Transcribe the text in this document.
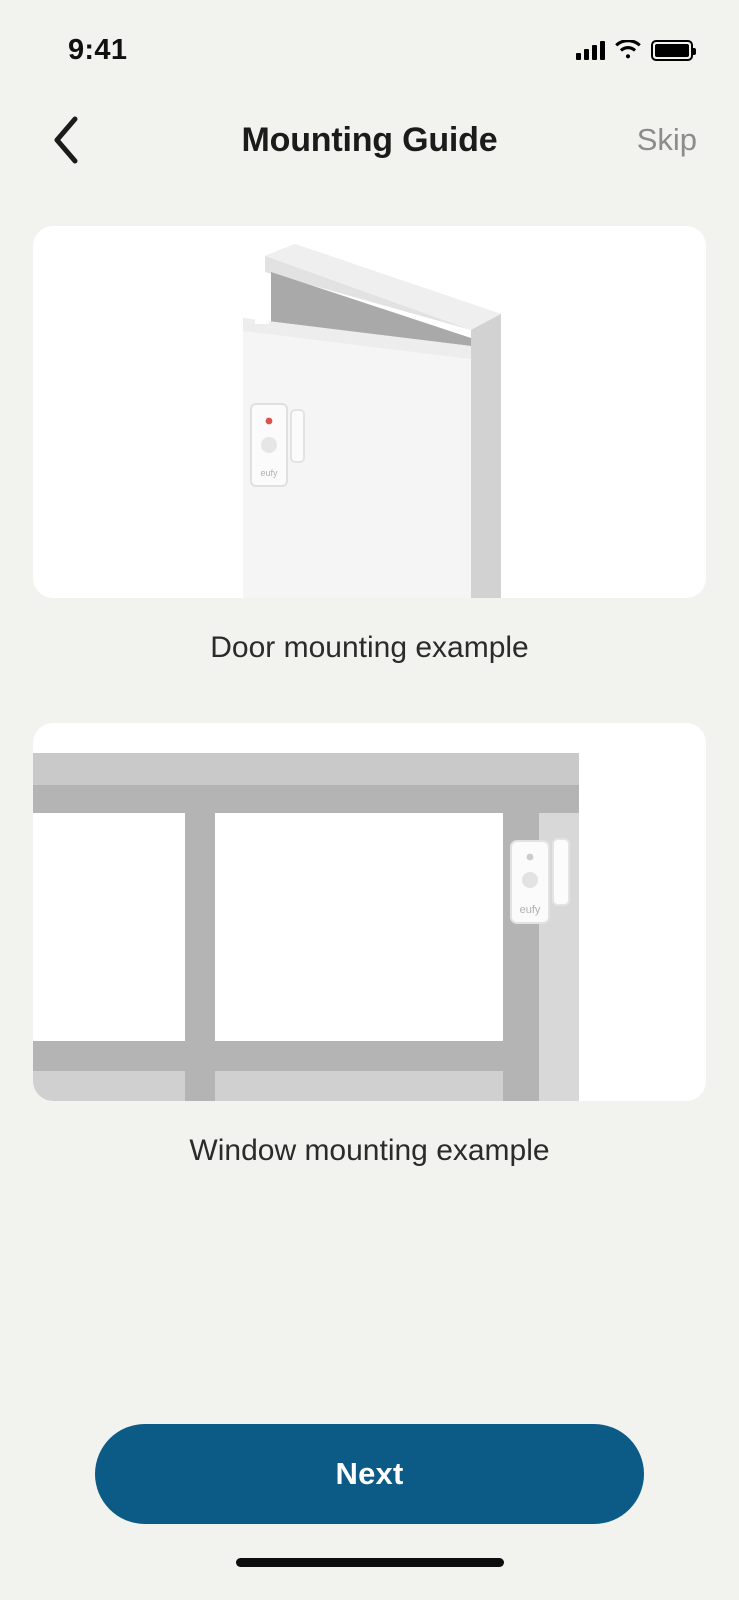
9:41
Mounting Guide	Skip
eufy
Door mounting example
eufy
Window mounting example
Next
